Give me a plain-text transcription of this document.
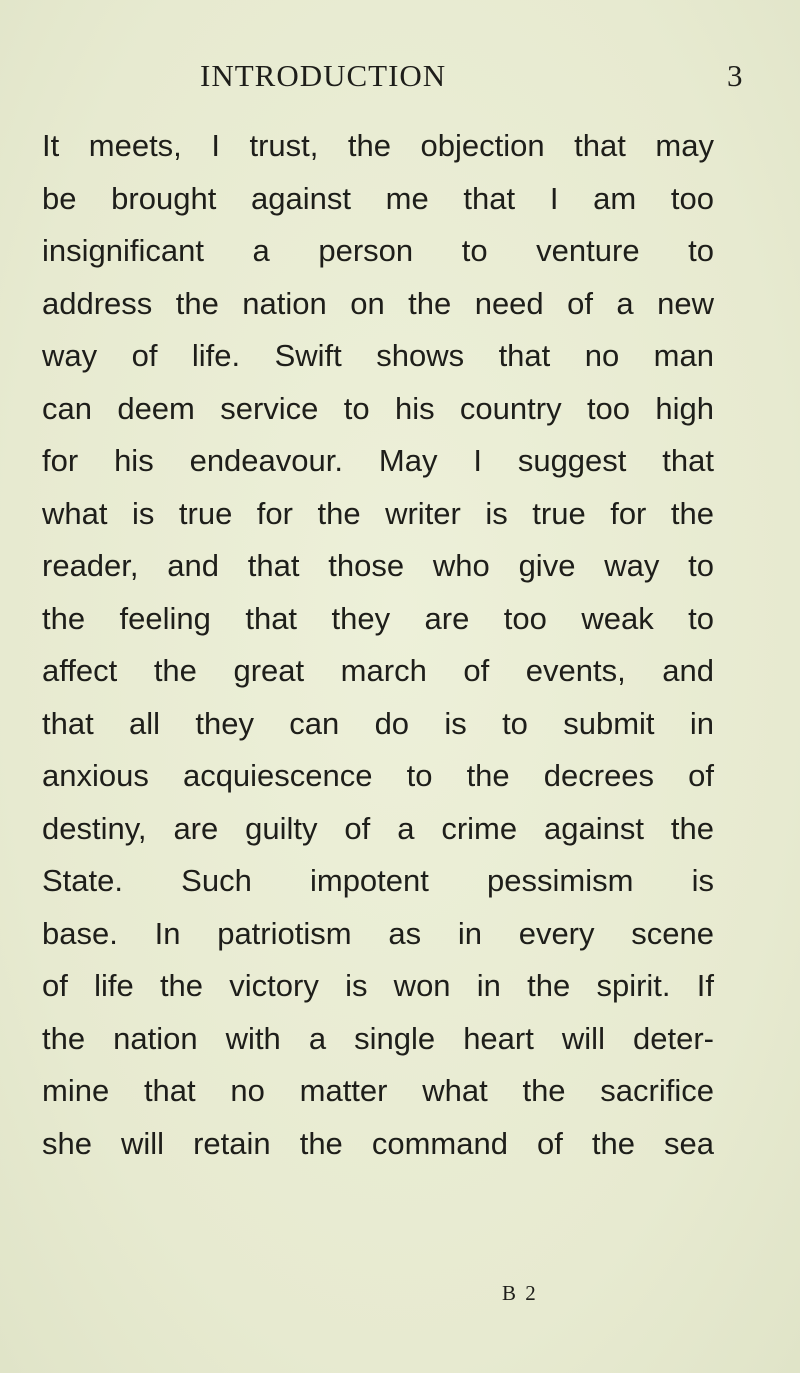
INTRODUCTION	3
It meets, I trust, the objection that may
be brought against me that I am too
insignificant a person to venture to
address the nation on the need of a new
way of life. Swift shows that no man
can deem service to his country too high
for his endeavour. May I suggest that
what is true for the writer is true for the
reader, and that those who give way to
the feeling that they are too weak to
affect the great march of events, and
that all they can do is to submit in
anxious acquiescence to the decrees of
destiny, are guilty of a crime against the
State. Such impotent pessimism is
base. In patriotism as in every scene
of life the victory is won in the spirit. If
the nation with a single heart will deter-
mine that no matter what the sacrifice
she will retain the command of the sea
B 2
